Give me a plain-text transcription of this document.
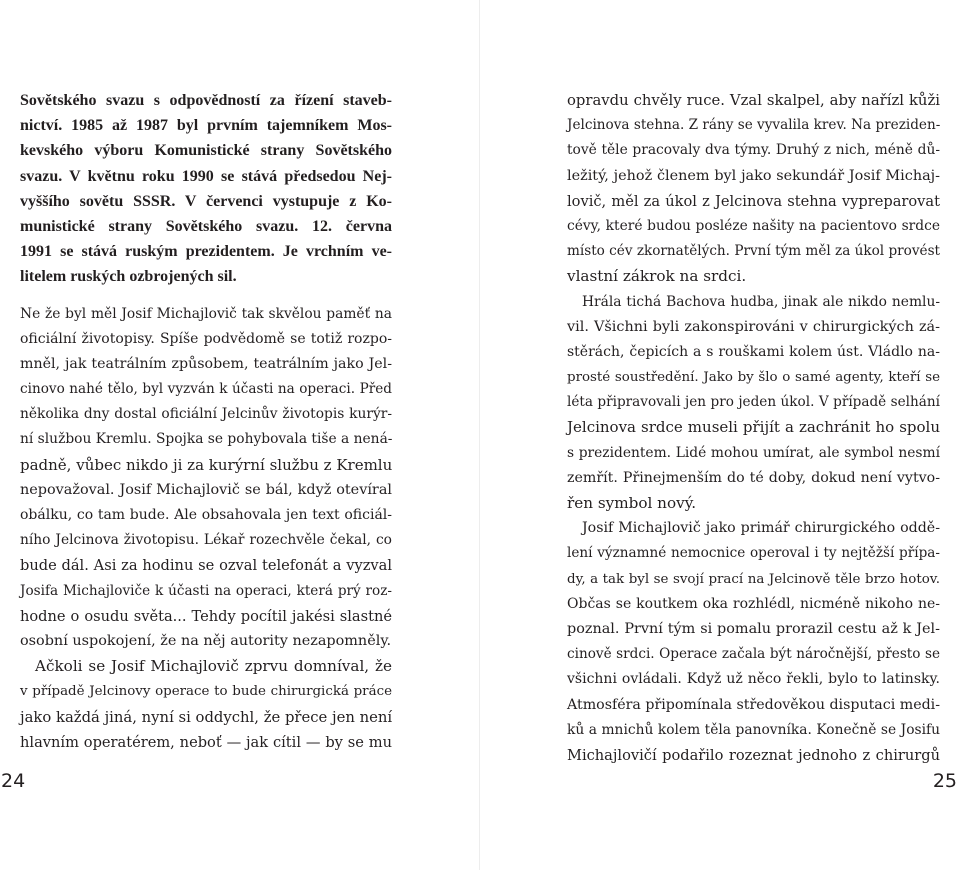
Sovětského svazu s odpovědností za řízení staveb-
nictví. 1985 až 1987 byl prvním tajemníkem Mos-
kevského výboru Komunistické strany Sovětského
svazu. V květnu roku 1990 se stává předsedou Nej-
vyššího sovětu SSSR. V červenci vystupuje z Ko-
munistické strany Sovětského svazu. 12. června
1991 se stává ruským prezidentem. Je vrchním ve-
litelem ruských ozbrojených sil.
Ne že byl měl Josif Michajlovič tak skvělou paměť na
oficiální životopisy. Spíše podvědomě se totiž rozpo-
mněl, jak teatrálním způsobem, teatrálním jako Jel-
cinovo nahé tělo, byl vyzván k účasti na operaci. Před
několika dny dostal oficiální Jelcinův životopis kurýr-
ní službou Kremlu. Spojka se pohybovala tiše a nená-
padně, vůbec nikdo ji za kurýrní službu z Kremlu
nepovažoval. Josif Michajlovič se bál, když otevíral
obálku, co tam bude. Ale obsahovala jen text oficiál-
ního Jelcinova životopisu. Lékař rozechvěle čekal, co
bude dál. Asi za hodinu se ozval telefonát a vyzval
Josifa Michajloviče k účasti na operaci, která prý roz-
hodne o osudu světa... Tehdy pocítil jakési slastné
osobní uspokojení, že na něj autority nezapomněly.
Ačkoli se Josif Michajlovič zprvu domníval, že
v případě Jelcinovy operace to bude chirurgická práce
jako každá jiná, nyní si oddychl, že přece jen není
hlavním operatérem, neboť — jak cítil — by se mu
24
opravdu chvěly ruce. Vzal skalpel, aby nařízl kůži
Jelcinova stehna. Z rány se vyvalila krev. Na preziden-
tově těle pracovaly dva týmy. Druhý z nich, méně dů-
ležitý, jehož členem byl jako sekundář Josif Michaj-
lovič, měl za úkol z Jelcinova stehna vypreparovat
cévy, které budou posléze našity na pacientovo srdce
místo cév zkornatělých. První tým měl za úkol provést
vlastní zákrok na srdci.
Hrála tichá Bachova hudba, jinak ale nikdo nemlu-
vil. Všichni byli zakonspirováni v chirurgických zá-
stěrách, čepicích a s rouškami kolem úst. Vládlo na-
prosté soustředění. Jako by šlo o samé agenty, kteří se
léta připravovali jen pro jeden úkol. V případě selhání
Jelcinova srdce museli přijít a zachránit ho spolu
s prezidentem. Lidé mohou umírat, ale symbol nesmí
zemřít. Přinejmenším do té doby, dokud není vytvo-
řen symbol nový.
Josif Michajlovič jako primář chirurgického oddě-
lení významné nemocnice operoval i ty nejtěžší přípa-
dy, a tak byl se svojí prací na Jelcinově těle brzo hotov.
Občas se koutkem oka rozhlédl, nicméně nikoho ne-
poznal. První tým si pomalu prorazil cestu až k Jel-
cinově srdci. Operace začala být náročnější, přesto se
všichni ovládali. Když už něco řekli, bylo to latinsky.
Atmosféra připomínala středověkou disputaci medi-
ků a mnichů kolem těla panovníka. Konečně se Josifu
Michajlovičí podařilo rozeznat jednoho z chirurgů
25
